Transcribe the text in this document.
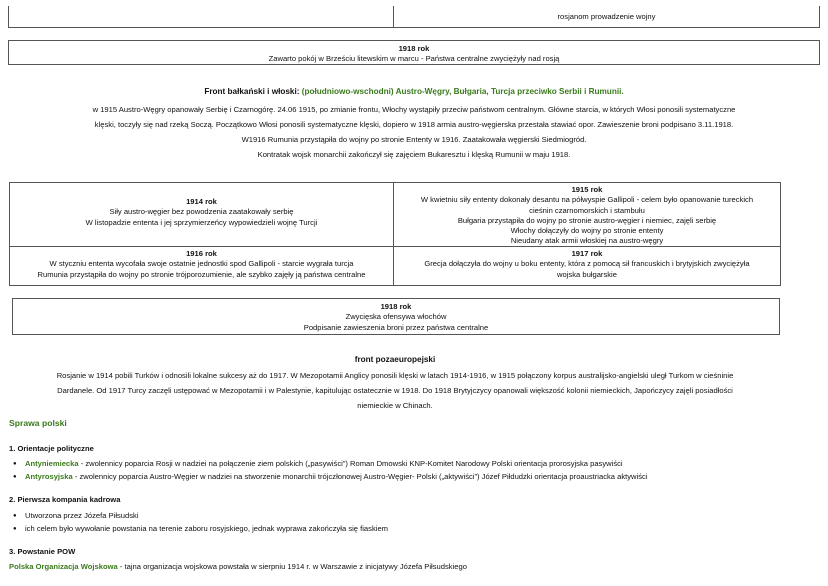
rosjanom prowadzenie wojny
1918 rok
Zawarto pokój w Brześciu litewskim w marcu - Państwa centralne zwyciężyły nad rosją
Front bałkański i włoski: (południowo-wschodni) Austro-Węgry, Bułgaria, Turcja przeciwko Serbii i Rumunii.

w 1915 Austro-Węgry opanowały Serbię i Czarnogórę. 24.06 1915, po zmianie frontu, Włochy wystąpiły przeciw państwom centralnym. Główne starcia, w których Włosi ponosili systematyczne

klęski, toczyły się nad rzeką Soczą. Początkowo Włosi ponosili systematyczne klęski, dopiero w 1918 armia austro-węgierska przestała stawiać opor. Zawieszenie broni podpisano 3.11.1918.

W1916 Rumunia przystąpiła do wojny po stronie Ententy w 1916. Zaatakowała węgierski Siedmiogród.

Kontratak wojsk monarchii zakończył się zajęciem Bukaresztu i klęską Rumunii w maju 1918.

1914 rok
Siły austro-węgier bez powodzenia zaatakowały serbię
W listopadzie ententa i jej sprzymierzeńcy wypowiedzieli wojnę Turcji
1915 rok
W kwietniu siły ententy dokonały desantu na półwyspie Gallipoli - celem było opanowanie tureckich
cieśnin czarnomorskich i stambułu
Bułgaria przystąpiła do wojny po stronie austro-węgier i niemiec, zajęli serbię
Włochy dołączyły do wojny po stronie ententy
Nieudany atak armii włoskiej na austro-węgry
1916 rok
W styczniu ententa wycofała swoje ostatnie jednostki spod Gallipoli - starcie wygrała turcja
Rumunia przystąpiła do wojny po stronie trójporozumienie, ale szybko zajęły ją państwa centralne
1917 rok
Grecja dołączyła do wojny u boku ententy, która z pomocą sił francuskich i brytyjskich zwyciężyła
wojska bułgarskie
1918 rok
Zwycięska ofensywa włochów
Podpisanie zawieszenia broni przez państwa centralne
front pozaeuropejski

Rosjanie w 1914 pobili Turków i odnosili lokalne sukcesy aż do 1917. W Mezopotamii Anglicy ponosili klęski w latach 1914-1916, w 1915 połączony korpus australijsko-angielski uległ Turkom w cieśninie

Dardanele. Od 1917 Turcy zaczęli ustępować w Mezopotamii i w Palestynie, kapitulując ostatecznie w 1918. Do 1918 Brytyjczycy opanowali większość kolonii niemieckich, Japończycy zajęli posiadłości

niemieckie w Chinach.

Sprawa polski
1. Orientacje polityczne
● Antyniemiecka - zwolennicy poparcia Rosji w nadziei na połączenie ziem polskich („pasywiści”) Roman Dmowski KNP-Komitet Narodowy Polski orientacja prorosyjska pasywiści
● Antyrosyjska - zwolennicy poparcia Austro-Węgier w nadziei na stworzenie monarchii trójczłonowej Austro-Węgier- Polski („aktywiści”) Józef Piłdudzki orientacja proaustriacka aktywiści
2. Pierwsza kompania kadrowa
● Utworzona przez Józefa Piłsudski
● ich celem było wywołanie powstania na terenie zaboru rosyjskiego, jednak wyprawa zakończyła się fiaskiem
3. Powstanie POW
Polska Organizacja Wojskowa - tajna organizacja wojskowa powstała w sierpniu 1914 r. w Warszawie z inicjatywy Józefa Piłsudskiego
